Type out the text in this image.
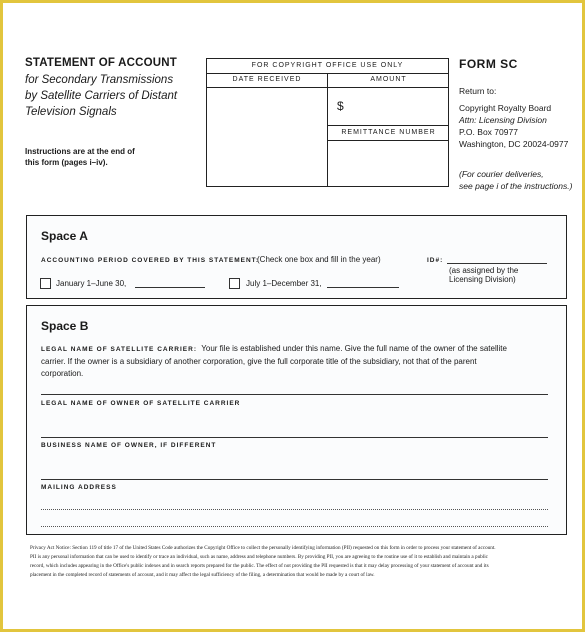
STATEMENT OF ACCOUNT
for Secondary Transmissions
by Satellite Carriers of Distant
Television Signals
Instructions are at the end of
this form (pages i–iv).
FOR COPYRIGHT OFFICE USE ONLY
DATE RECEIVED	AMOUNT
$
REMITTANCE NUMBER
FORM SC
Return to:
Copyright Royalty Board
Attn: Licensing Division
P.O. Box 70977
Washington, DC 20024-0977
(For courier deliveries,
see page i of the instructions.)
Space A
ACCOUNTING PERIOD COVERED BY THIS STATEMENT:
(Check one box and fill in the year)	ID#:
(as assigned by the
Licensing Division)
January 1–June 30,	July 1–December 31,
Space B
LEGAL NAME OF SATELLITE CARRIER: Your file is established under this name. Give the full name of the owner of the satellite
carrier. If the owner is a subsidiary of another corporation, give the full corporate title of the subsidiary, not that of the parent
corporation.
LEGAL NAME OF OWNER OF SATELLITE CARRIER
BUSINESS NAME OF OWNER, IF DIFFERENT
MAILING ADDRESS
Privacy Act Notice: Section 119 of title 17 of the United States Code authorizes the Copyright Office to collect the personally identifying information (PII) requested on this form in order to process your statement of account.
PII is any personal information that can be used to identify or trace an individual, such as name, address and telephone numbers. By providing PII, you are agreeing to the routine use of it to establish and maintain a public
record, which includes appearing in the Office's public indexes and in search reports prepared for the public. The effect of not providing the PII requested is that it may delay processing of your statement of account and its
placement in the completed record of statements of account, and it may affect the legal sufficiency of the filing, a determination that would be made by a court of law.
